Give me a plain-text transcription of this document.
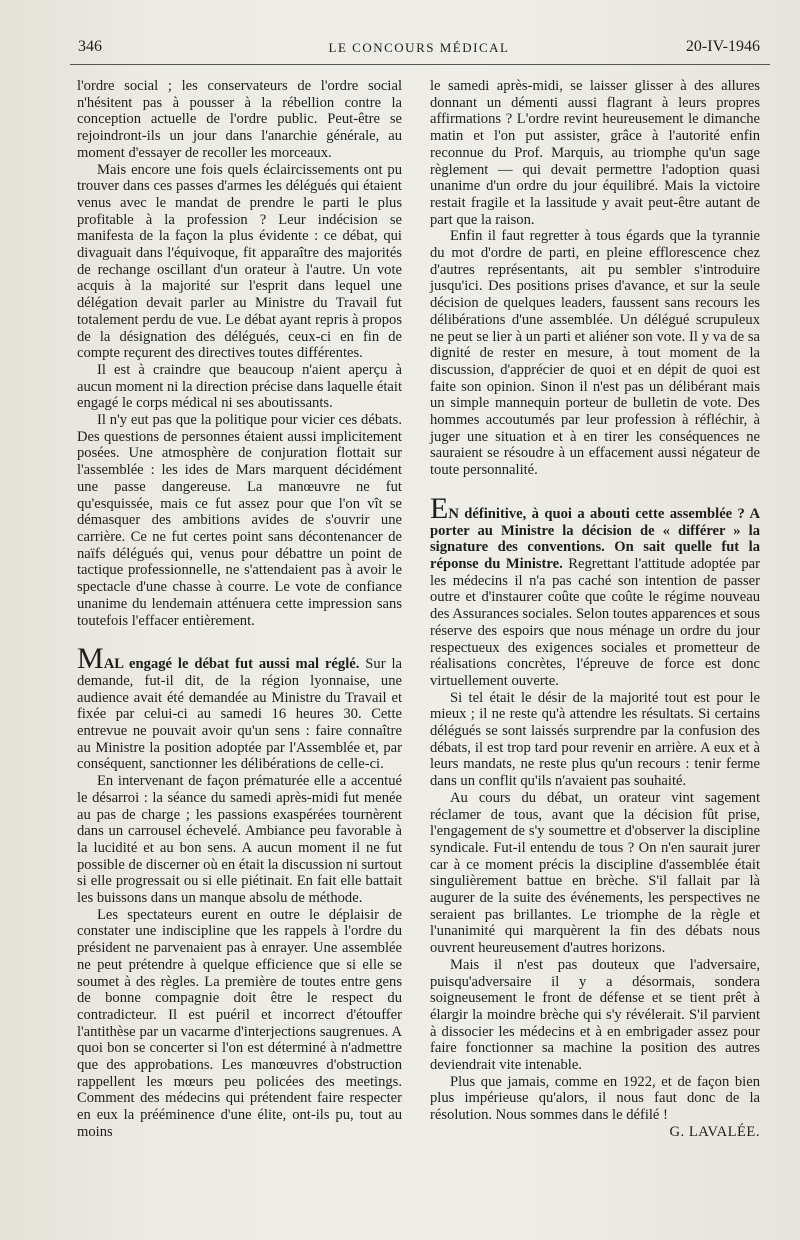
346	LE CONCOURS MÉDICAL	20-IV-1946

l'ordre social ; les conservateurs de l'ordre social n'hésitent pas à pousser à la rébellion contre la conception actuelle de l'ordre public. Peut-être se rejoindront-ils un jour dans l'anarchie générale, au moment d'essayer de recoller les morceaux.

Mais encore une fois quels éclaircissements ont pu trouver dans ces passes d'armes les délégués qui étaient venus avec le mandat de prendre le parti le plus profitable à la profession ? Leur indécision se manifesta de la façon la plus évidente : ce débat, qui divaguait dans l'équivoque, fit apparaître des majorités de rechange oscillant d'un orateur à l'autre. Un vote acquis à la majorité sur l'esprit dans lequel une délégation devait parler au Ministre du Travail fut totalement perdu de vue. Le débat ayant repris à propos de la désignation des délégués, ceux-ci en fin de compte reçurent des directives toutes différentes.

Il est à craindre que beaucoup n'aient aperçu à aucun moment ni la direction précise dans laquelle était engagé le corps médical ni ses aboutissants.

Il n'y eut pas que la politique pour vicier ces débats. Des questions de personnes étaient aussi implicitement posées. Une atmosphère de conjuration flottait sur l'assemblée : les ides de Mars marquent décidément une passe dangereuse. La manœuvre ne fut qu'esquissée, mais ce fut assez pour que l'on vît se démasquer des ambitions avides de s'ouvrir une carrière. Ce ne fut certes point sans décontenancer de naïfs délégués qui, venus pour débattre un point de tactique professionnelle, ne s'attendaient pas à avoir le spectacle d'une chasse à courre. Le vote de confiance unanime du lendemain atténuera cette impression sans toutefois l'effacer entièrement.

MAL engagé le débat fut aussi mal réglé. Sur la demande, fut-il dit, de la région lyonnaise, une audience avait été demandée au Ministre du Travail et fixée par celui-ci au samedi 16 heures 30. Cette entrevue ne pouvait avoir qu'un sens : faire connaître au Ministre la position adoptée par l'Assemblée et, par conséquent, sanctionner les délibérations de celle-ci.

En intervenant de façon prématurée elle a accentué le désarroi : la séance du samedi après-midi fut menée au pas de charge ; les passions exaspérées tournèrent dans un carrousel échevelé. Ambiance peu favorable à la lucidité et au bon sens. A aucun moment il ne fut possible de discerner où en était la discussion ni surtout si elle progressait ou si elle piétinait. En fait elle battait les buissons dans un manque absolu de méthode.

Les spectateurs eurent en outre le déplaisir de constater une indiscipline que les rappels à l'ordre du président ne parvenaient pas à enrayer. Une assemblée ne peut prétendre à quelque efficience que si elle se soumet à des règles. La première de toutes entre gens de bonne compagnie doit être le respect du contradicteur. Il est puéril et incorrect d'étouffer l'antithèse par un vacarme d'interjections saugrenues. A quoi bon se concerter si l'on est déterminé à n'admettre que des approbations. Les manœuvres d'obstruction rappellent les mœurs peu policées des meetings. Comment des médecins qui prétendent faire respecter en eux la prééminence d'une élite, ont-ils pu, tout au moins

le samedi après-midi, se laisser glisser à des allures donnant un démenti aussi flagrant à leurs propres affirmations ? L'ordre revint heureusement le dimanche matin et l'on put assister, grâce à l'autorité enfin reconnue du Prof. Marquis, au triomphe qu'un sage règlement — qui devait permettre l'adoption quasi unanime d'un ordre du jour équilibré. Mais la victoire restait fragile et la lassitude y avait peut-être autant de part que la raison.

Enfin il faut regretter à tous égards que la tyrannie du mot d'ordre de parti, en pleine efflorescence chez d'autres représentants, ait pu sembler s'introduire jusqu'ici. Des positions prises d'avance, et sur la seule décision de quelques leaders, faussent sans recours les délibérations d'une assemblée. Un délégué scrupuleux ne peut se lier à un parti et aliéner son vote. Il y va de sa dignité de rester en mesure, à tout moment de la discussion, d'apprécier de quoi et en dépit de quoi est faite son opinion. Sinon il n'est pas un délibérant mais un simple mannequin porteur de bulletin de vote. Des hommes accoutumés par leur profession à réfléchir, à juger une situation et à en tirer les conséquences ne sauraient se résoudre à un effacement aussi négateur de toute personnalité.

EN définitive, à quoi a abouti cette assemblée ? A porter au Ministre la décision de « différer » la signature des conventions. On sait quelle fut la réponse du Ministre. Regrettant l'attitude adoptée par les médecins il n'a pas caché son intention de passer outre et d'instaurer coûte que coûte le régime nouveau des Assurances sociales. Selon toutes apparences et sous réserve des espoirs que nous ménage un ordre du jour respectueux des exigences sociales et prometteur de réalisations concrètes, l'épreuve de force est donc virtuellement ouverte.

Si tel était le désir de la majorité tout est pour le mieux ; il ne reste qu'à attendre les résultats. Si certains délégués se sont laissés surprendre par la confusion des débats, il est trop tard pour revenir en arrière. A eux et à leurs mandats, ne reste plus qu'un recours : tenir ferme dans un conflit qu'ils n'avaient pas souhaité.

Au cours du débat, un orateur vint sagement réclamer de tous, avant que la décision fût prise, l'engagement de s'y soumettre et d'observer la discipline syndicale. Fut-il entendu de tous ? On n'en saurait jurer car à ce moment précis la discipline d'assemblée était singulièrement battue en brèche. S'il fallait par là augurer de la suite des événements, les perspectives ne seraient pas brillantes. Le triomphe de la règle et l'unanimité qui marquèrent la fin des débats nous ouvrent heureusement d'autres horizons.

Mais il n'est pas douteux que l'adversaire, puisqu'adversaire il y a désormais, sondera soigneusement le front de défense et se tient prêt à élargir la moindre brèche qui s'y révélerait. S'il parvient à dissocier les médecins et à en embrigader assez pour faire fonctionner sa machine la position des autres deviendrait vite intenable.

Plus que jamais, comme en 1922, et de façon bien plus impérieuse qu'alors, il nous faut donc de la résolution. Nous sommes dans le défilé !

G. LAVALÉE.
